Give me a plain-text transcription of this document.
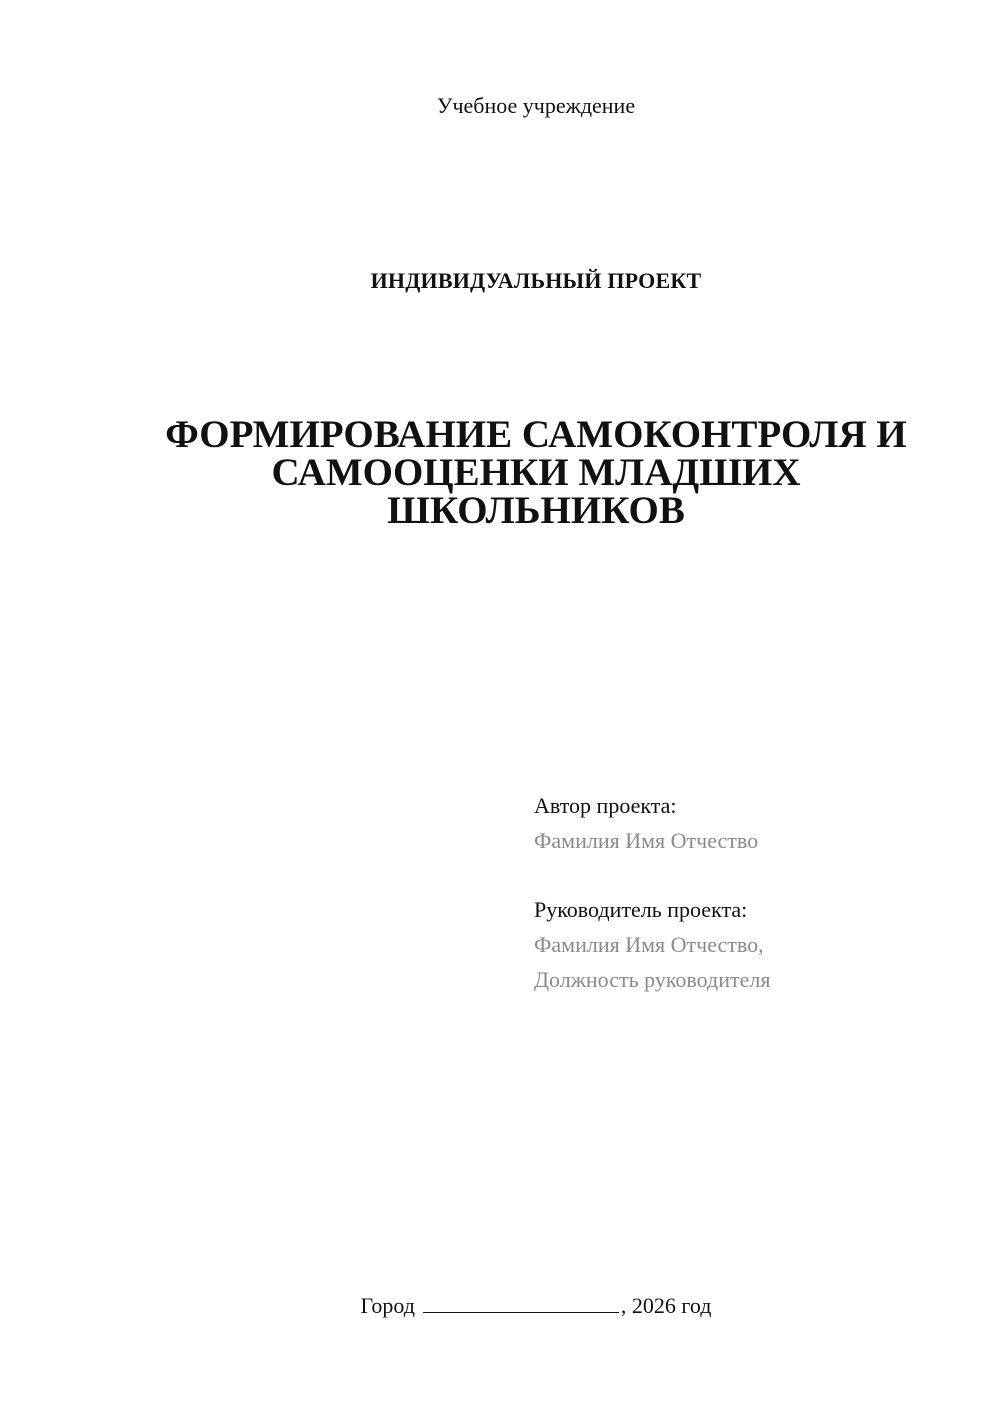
Учебное учреждение
ИНДИВИДУАЛЬНЫЙ ПРОЕКТ
ФОРМИРОВАНИЕ САМОКОНТРОЛЯ И
САМООЦЕНКИ МЛАДШИХ
ШКОЛЬНИКОВ
Автор проекта:
Фамилия Имя Отчество
Руководитель проекта:
Фамилия Имя Отчество,
Должность руководителя
Город	, 2026 год
